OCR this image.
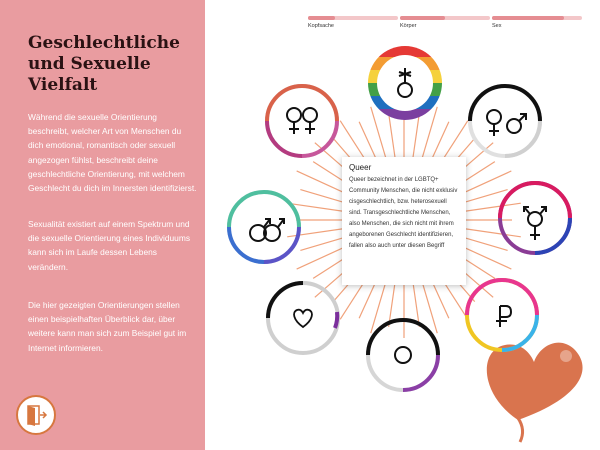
Geschlechtliche
und Sexuelle
Vielfalt

Während die sexuelle Orientierung beschreibt, welcher Art von Menschen du dich emotional, romantisch oder sexuell angezogen fühlst, beschreibt deine geschlechtliche Orientierung, mit welchem Geschlecht du dich im Innersten identifizierst.

Sexualität existiert auf einem Spektrum und die sexuelle Orientierung eines Individuums kann sich im Laufe dessen Lebens verändern.

Die hier gezeigten Orientierungen stellen einen beispielhaften Überblick dar, über weitere kann man sich zum Beispiel gut im Internet informieren.

Kopfsache	Körper	Sex
Queer
Queer bezeichnet in der LGBTQ+ Community Menschen, die nicht exklusiv cisgeschlechtlich, bzw. heterosexuell sind. Transgeschlechtliche Menschen, also Menschen, die sich nicht mit ihrem angeborenen Geschlecht identifizieren, fallen also auch unter diesen Begriff
